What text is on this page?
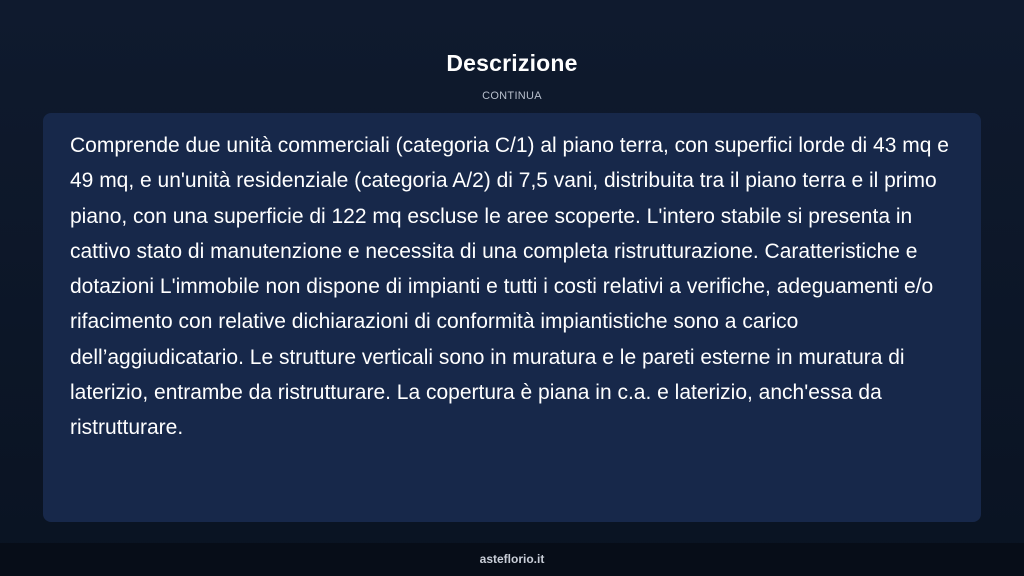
Descrizione
CONTINUA

Comprende due unità commerciali (categoria C/1) al piano terra, con superfici lorde di 43 mq e 49 mq, e un'unità residenziale (categoria A/2) di 7,5 vani, distribuita tra il piano terra e il primo piano, con una superficie di 122 mq escluse le aree scoperte. L'intero stabile si presenta in cattivo stato di manutenzione e necessita di una completa ristrutturazione. Caratteristiche e dotazioni L'immobile non dispone di impianti e tutti i costi relativi a verifiche, adeguamenti e/o rifacimento con relative dichiarazioni di conformità impiantistiche sono a carico dell’aggiudicatario. Le strutture verticali sono in muratura e le pareti esterne in muratura di laterizio, entrambe da ristrutturare. La copertura è piana in c.a. e laterizio, anch'essa da ristrutturare.

asteflorio.it
